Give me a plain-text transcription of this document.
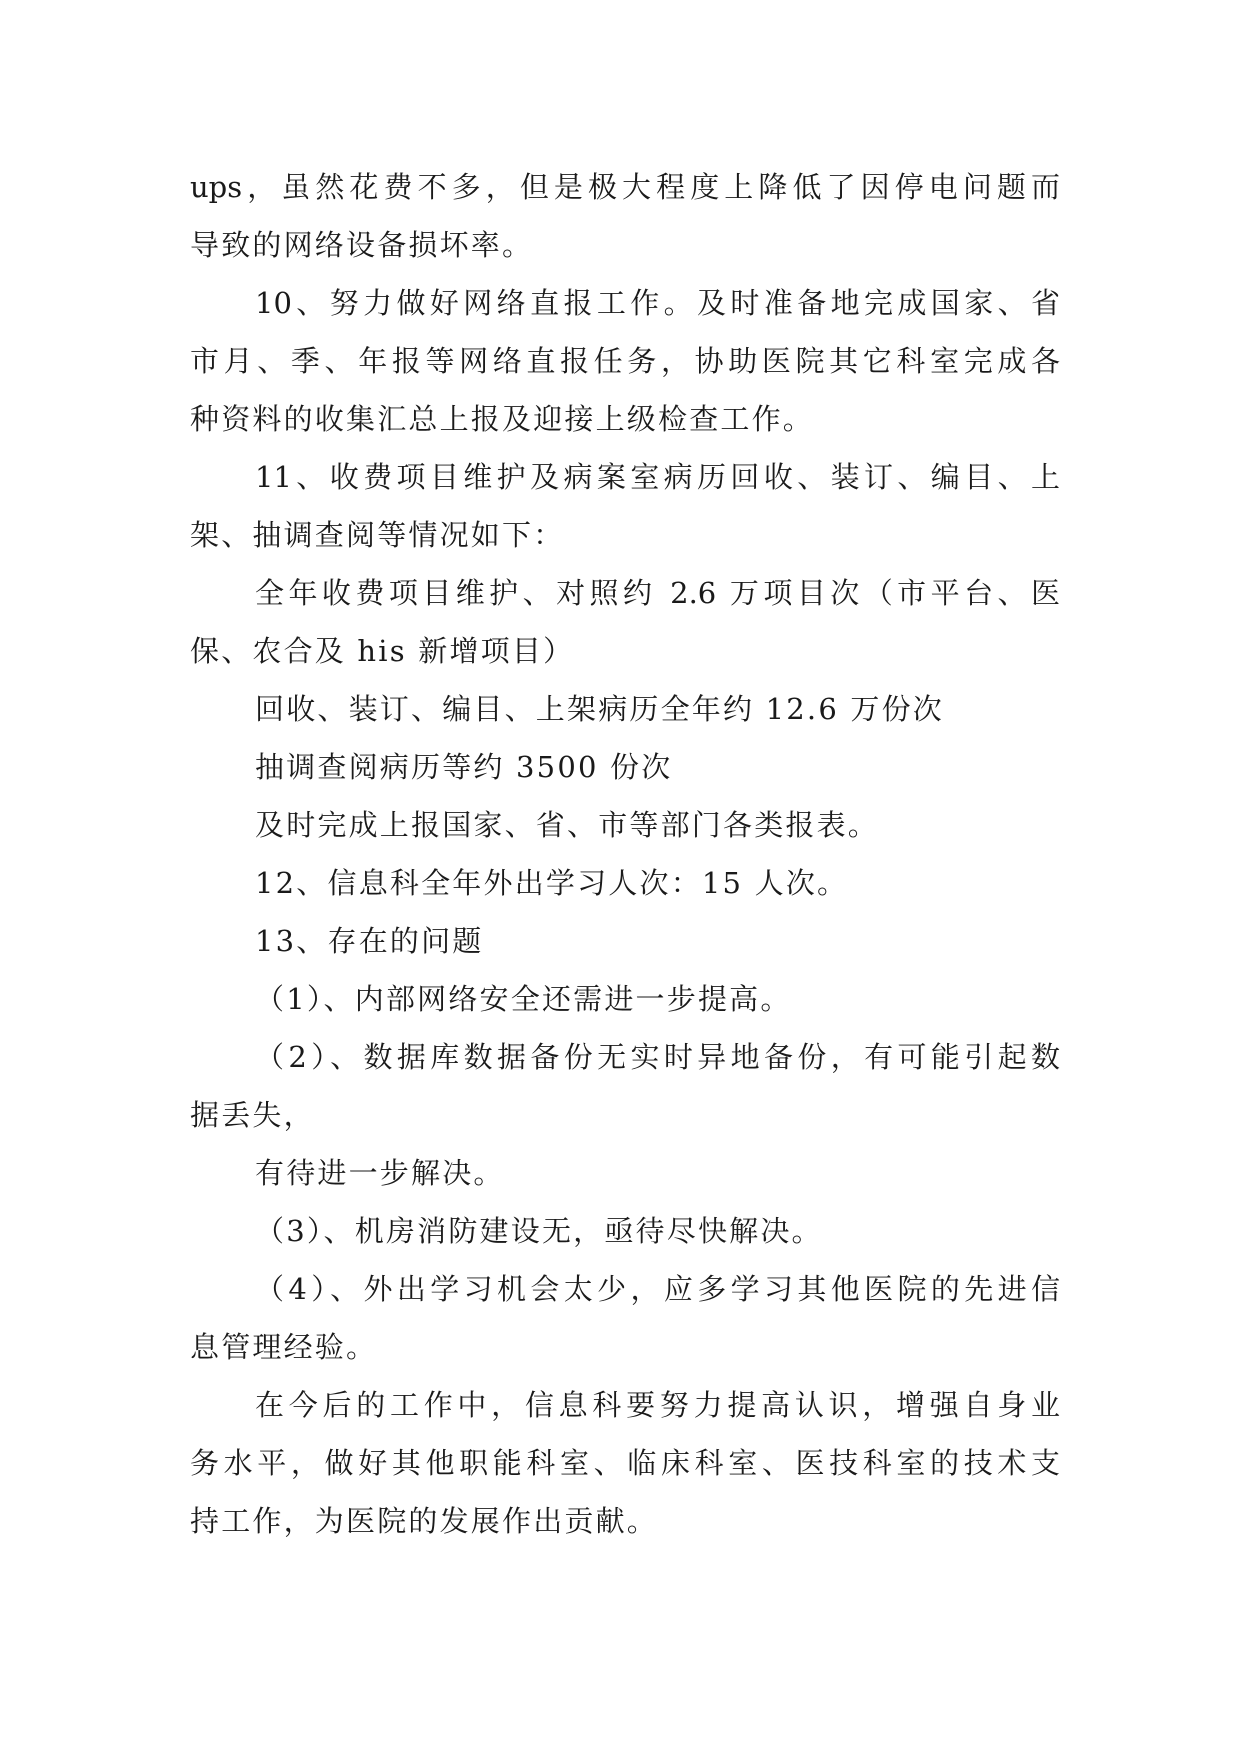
ups，虽然花费不多，但是极大程度上降低了因停电问题而
导致的网络设备损坏率。
10、努力做好网络直报工作。及时准备地完成国家、省
市月、季、年报等网络直报任务，协助医院其它科室完成各
种资料的收集汇总上报及迎接上级检查工作。
11、收费项目维护及病案室病历回收、装订、编目、上
架、抽调查阅等情况如下：
全年收费项目维护、对照约 2.6 万项目次（市平台、医
保、农合及 his 新增项目）
回收、装订、编目、上架病历全年约 12.6 万份次
抽调查阅病历等约 3500 份次
及时完成上报国家、省、市等部门各类报表。
12、信息科全年外出学习人次：15 人次。
13、存在的问题
（1）、内部网络安全还需进一步提高。
（2）、数据库数据备份无实时异地备份，有可能引起数
据丢失，
有待进一步解决。
（3）、机房消防建设无，亟待尽快解决。
（4）、外出学习机会太少，应多学习其他医院的先进信
息管理经验。
在今后的工作中，信息科要努力提高认识，增强自身业
务水平，做好其他职能科室、临床科室、医技科室的技术支
持工作，为医院的发展作出贡献。
